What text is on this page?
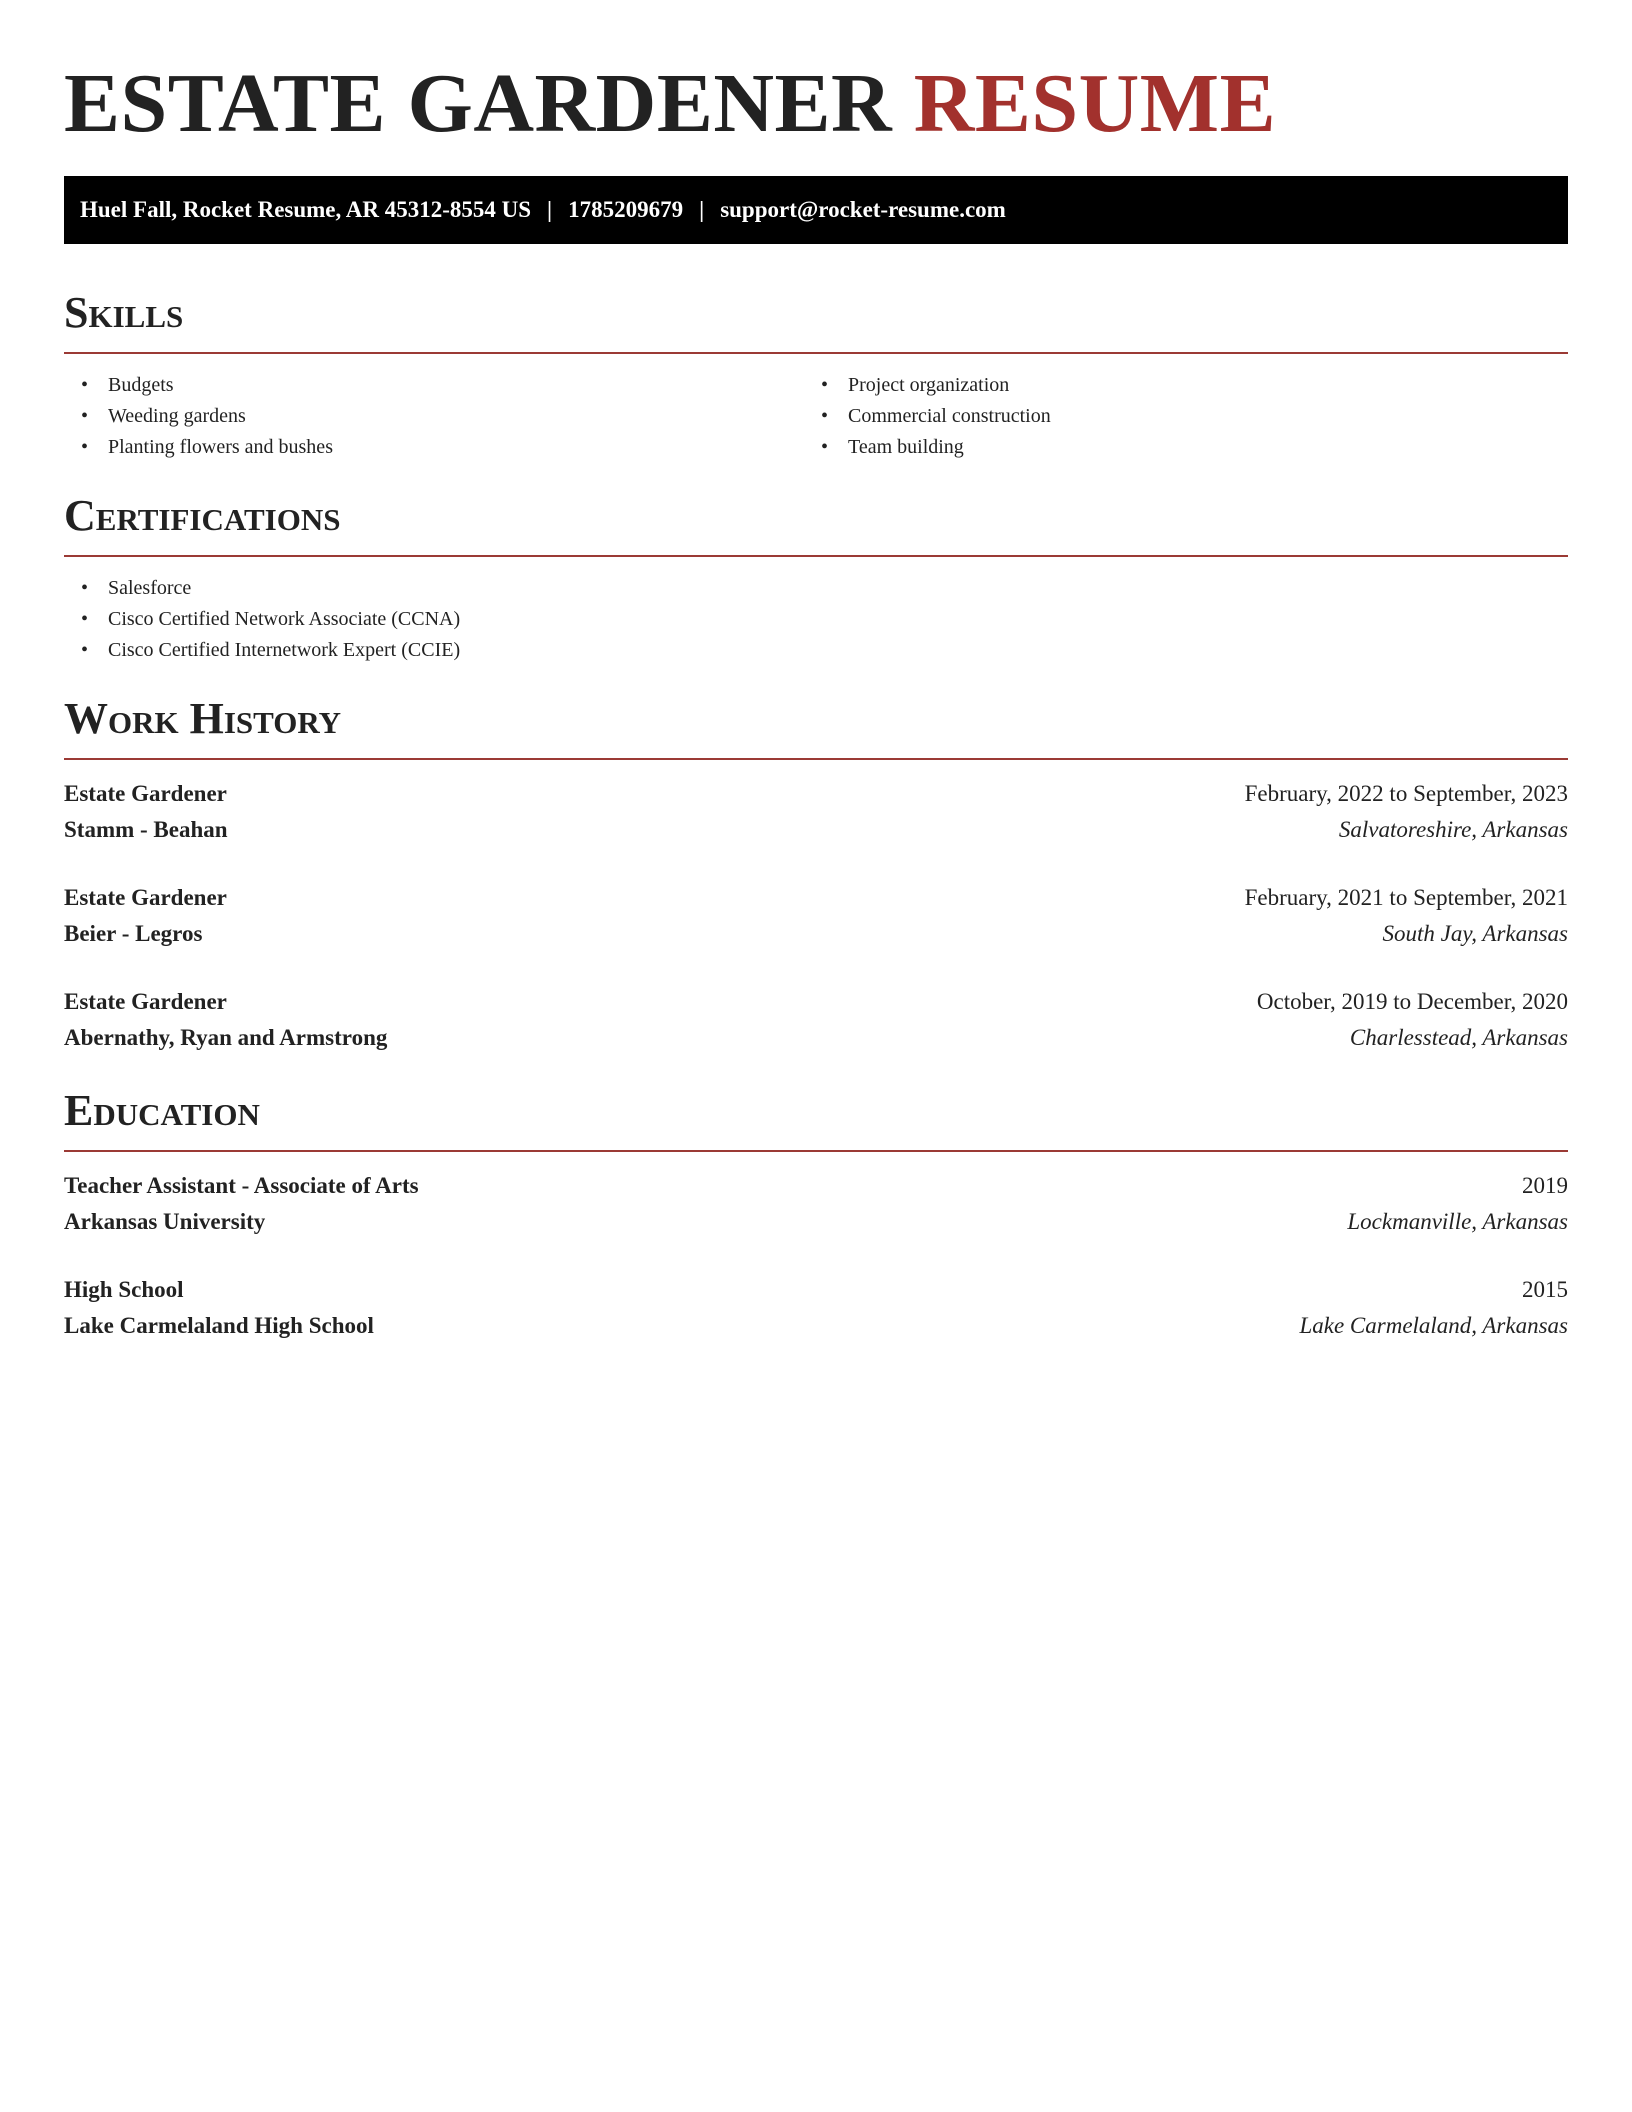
ESTATE GARDENER RESUME
Huel Fall, Rocket Resume, AR 45312-8554 US | 1785209679 | support@rocket-resume.com
Skills
• Budgets
• Weeding gardens
• Planting flowers and bushes
• Project organization
• Commercial construction
• Team building
Certifications
• Salesforce
• Cisco Certified Network Associate (CCNA)
• Cisco Certified Internetwork Expert (CCIE)
Work History
Estate Gardener	February, 2022 to September, 2023
Stamm - Beahan	Salvatoreshire, Arkansas
Estate Gardener	February, 2021 to September, 2021
Beier - Legros	South Jay, Arkansas
Estate Gardener	October, 2019 to December, 2020
Abernathy, Ryan and Armstrong	Charlesstead, Arkansas
Education
Teacher Assistant - Associate of Arts	2019
Arkansas University	Lockmanville, Arkansas
High School	2015
Lake Carmelaland High School	Lake Carmelaland, Arkansas
